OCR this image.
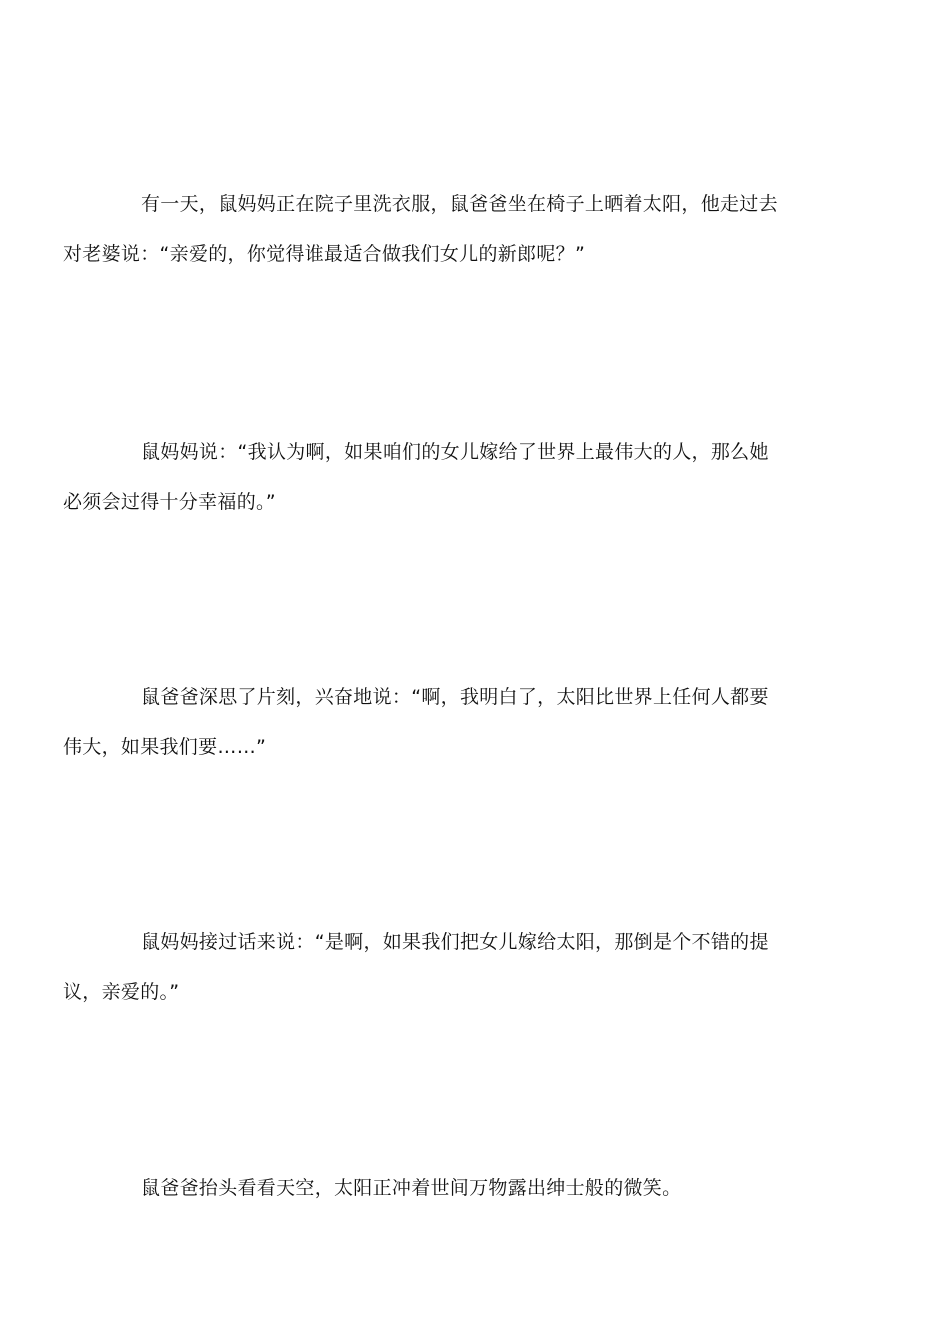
有一天，鼠妈妈正在院子里洗衣服，鼠爸爸坐在椅子上晒着太阳，他走过去
对老婆说：“亲爱的，你觉得谁最适合做我们女儿的新郎呢？”

鼠妈妈说：“我认为啊，如果咱们的女儿嫁给了世界上最伟大的人，那么她
必须会过得十分幸福的。”

鼠爸爸深思了片刻，兴奋地说：“啊，我明白了，太阳比世界上任何人都要
伟大，如果我们要……”

鼠妈妈接过话来说：“是啊，如果我们把女儿嫁给太阳，那倒是个不错的提
议，亲爱的。”

鼠爸爸抬头看看天空，太阳正冲着世间万物露出绅士般的微笑。
